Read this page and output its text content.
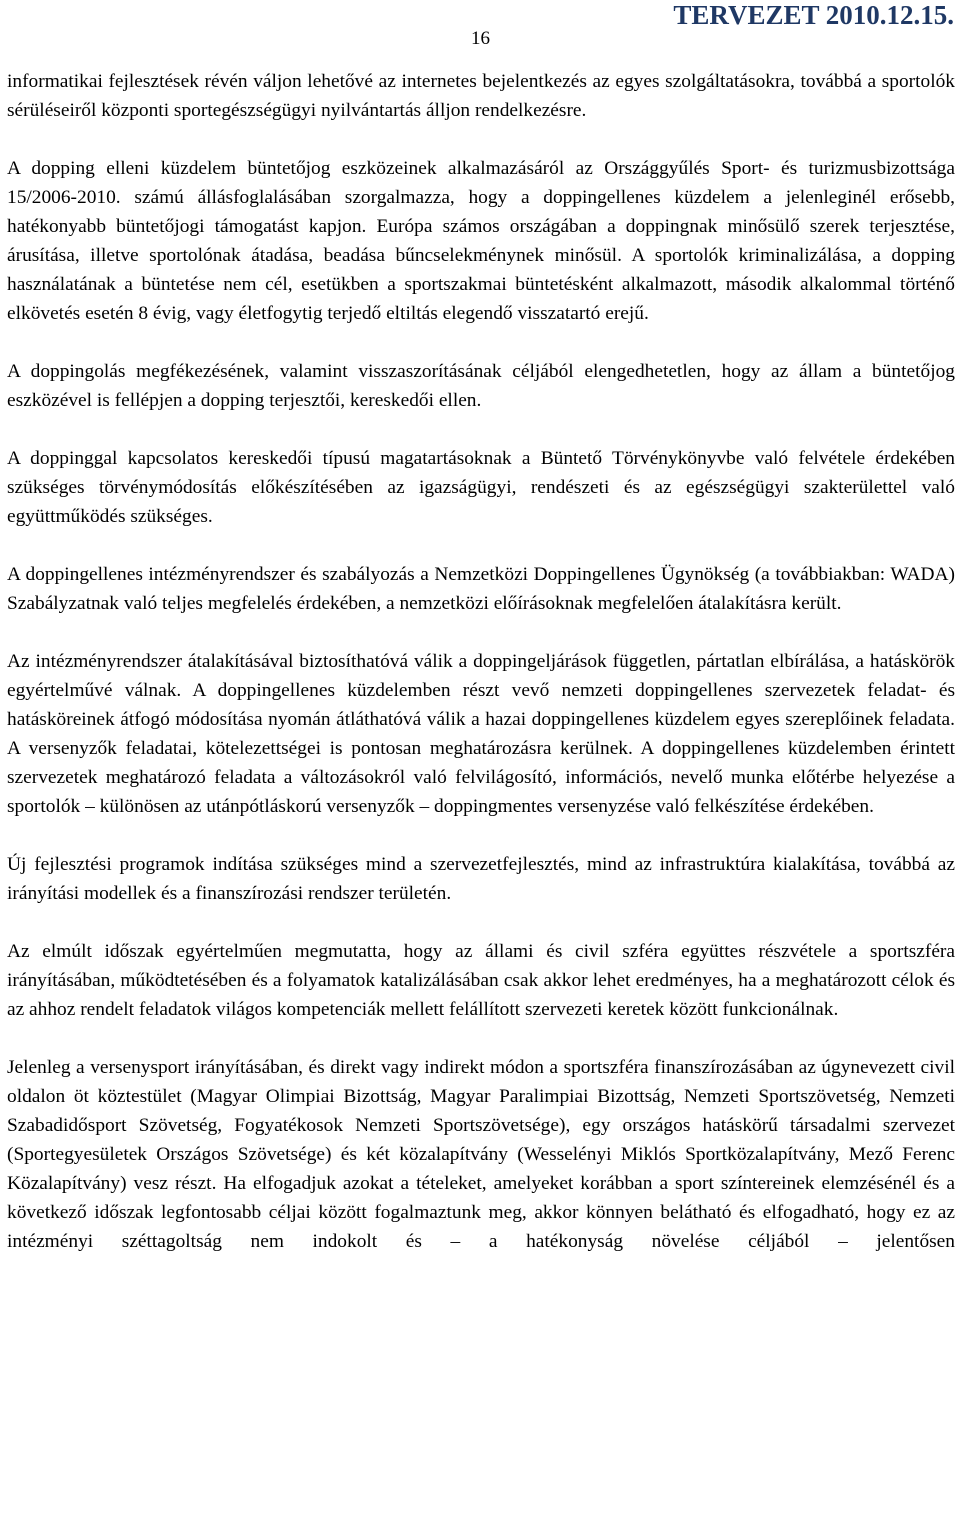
16
TERVEZET 2010.12.15.

informatikai fejlesztések révén váljon lehetővé az internetes bejelentkezés az egyes szolgáltatásokra, továbbá a sportolók sérüléseiről központi sportegészségügyi nyilvántartás álljon rendelkezésre.

A dopping elleni küzdelem büntetőjog eszközeinek alkalmazásáról az Országgyűlés Sport- és turizmusbizottsága 15/2006-2010. számú állásfoglalásában szorgalmazza, hogy a doppingellenes küzdelem a jelenleginél erősebb, hatékonyabb büntetőjogi támogatást kapjon. Európa számos országában a doppingnak minősülő szerek terjesztése, árusítása, illetve sportolónak átadása, beadása bűncselekménynek minősül. A sportolók kriminalizálása, a dopping használatának a büntetése nem cél, esetükben a sportszakmai büntetésként alkalmazott, második alkalommal történő elkövetés esetén 8 évig, vagy életfogytig terjedő eltiltás elegendő visszatartó erejű.

A doppingolás megfékezésének, valamint visszaszorításának céljából elengedhetetlen, hogy az állam a büntetőjog eszközével is fellépjen a dopping terjesztői, kereskedői ellen.

A doppinggal kapcsolatos kereskedői típusú magatartásoknak a Büntető Törvénykönyvbe való felvétele érdekében szükséges törvénymódosítás előkészítésében az igazságügyi, rendészeti és az egészségügyi szakterülettel való együttműködés szükséges.

A doppingellenes intézményrendszer és szabályozás a Nemzetközi Doppingellenes Ügynökség (a továbbiakban: WADA) Szabályzatnak való teljes megfelelés érdekében, a nemzetközi előírásoknak megfelelően átalakításra került.

Az intézményrendszer átalakításával biztosíthatóvá válik a doppingeljárások független, pártatlan elbírálása, a hatáskörök egyértelművé válnak. A doppingellenes küzdelemben részt vevő nemzeti doppingellenes szervezetek feladat- és hatásköreinek átfogó módosítása nyomán átláthatóvá válik a hazai doppingellenes küzdelem egyes szereplőinek feladata. A versenyzők feladatai, kötelezettségei is pontosan meghatározásra kerülnek. A doppingellenes küzdelemben érintett szervezetek meghatározó feladata a változásokról való felvilágosító, információs, nevelő munka előtérbe helyezése a sportolók – különösen az utánpótláskorú versenyzők – doppingmentes versenyzése való felkészítése érdekében.

Új fejlesztési programok indítása szükséges mind a szervezetfejlesztés, mind az infrastruktúra kialakítása, továbbá az irányítási modellek és a finanszírozási rendszer területén.

Az elmúlt időszak egyértelműen megmutatta, hogy az állami és civil szféra együttes részvétele a sportszféra irányításában, működtetésében és a folyamatok katalizálásában csak akkor lehet eredményes, ha a meghatározott célok és az ahhoz rendelt feladatok világos kompetenciák mellett felállított szervezeti keretek között funkcionálnak.

Jelenleg a versenysport irányításában, és direkt vagy indirekt módon a sportszféra finanszírozásában az úgynevezett civil oldalon öt köztestület (Magyar Olimpiai Bizottság, Magyar Paralimpiai Bizottság, Nemzeti Sportszövetség, Nemzeti Szabadidősport Szövetség, Fogyatékosok Nemzeti Sportszövetsége), egy országos hatáskörű társadalmi szervezet (Sportegyesületek Országos Szövetsége) és két közalapítvány (Wesselényi Miklós Sportközalapítvány, Mező Ferenc Közalapítvány) vesz részt. Ha elfogadjuk azokat a tételeket, amelyeket korábban a sport színtereinek elemzésénél és a következő időszak legfontosabb céljai között fogalmaztunk meg, akkor könnyen belátható és elfogadható, hogy ez az intézményi széttagoltság nem indokolt és – a hatékonyság növelése céljából – jelentősen
